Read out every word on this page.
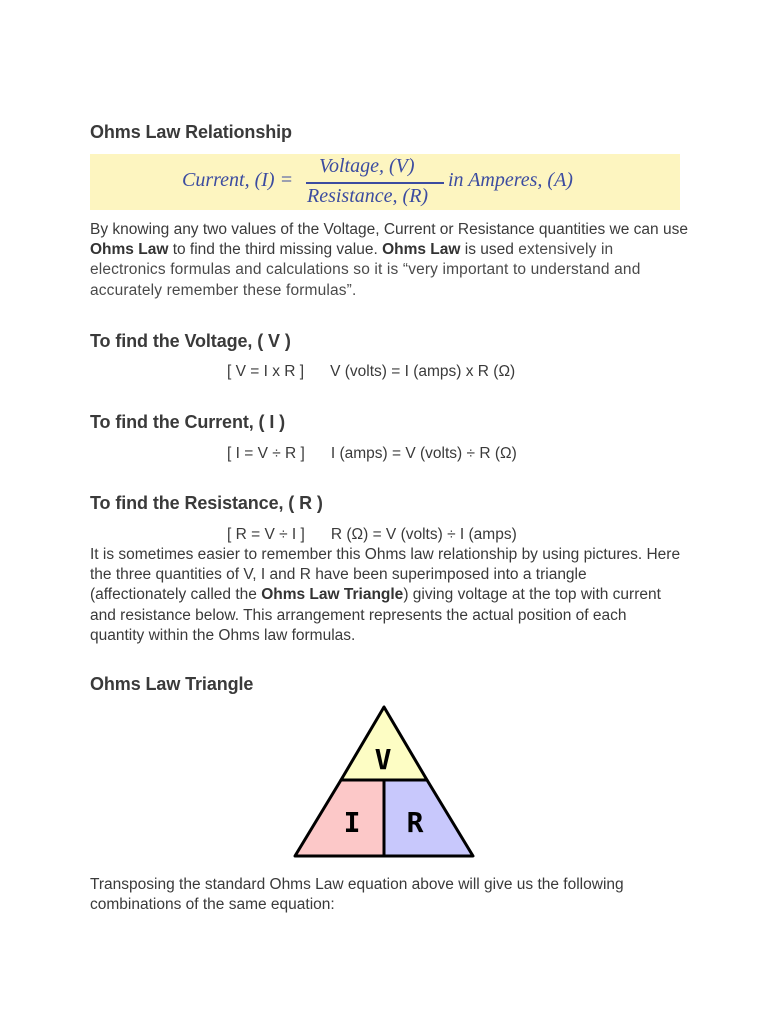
Ohms Law Relationship
Current, (I) =
Voltage, (V)
Resistance, (R)
in Amperes, (A)
By knowing any two values of the Voltage, Current or Resistance quantities we can use Ohms Law to find the third missing value. Ohms Law is used extensively in electronics formulas and calculations so it is “very important to understand and accurately remember these formulas”.
To find the Voltage, ( V )
[ V = I x R ] V (volts) = I (amps) x R (Ω)
To find the Current, ( I )
[ I = V ÷ R ] I (amps) = V (volts) ÷ R (Ω)
To find the Resistance, ( R )
[ R = V ÷ I ] R (Ω) = V (volts) ÷ I (amps)
It is sometimes easier to remember this Ohms law relationship by using pictures. Here the three quantities of V, I and R have been superimposed into a triangle (affectionately called the Ohms Law Triangle) giving voltage at the top with current and resistance below. This arrangement represents the actual position of each quantity within the Ohms law formulas.
Ohms Law Triangle
V
I R
Transposing the standard Ohms Law equation above will give us the following combinations of the same equation:
